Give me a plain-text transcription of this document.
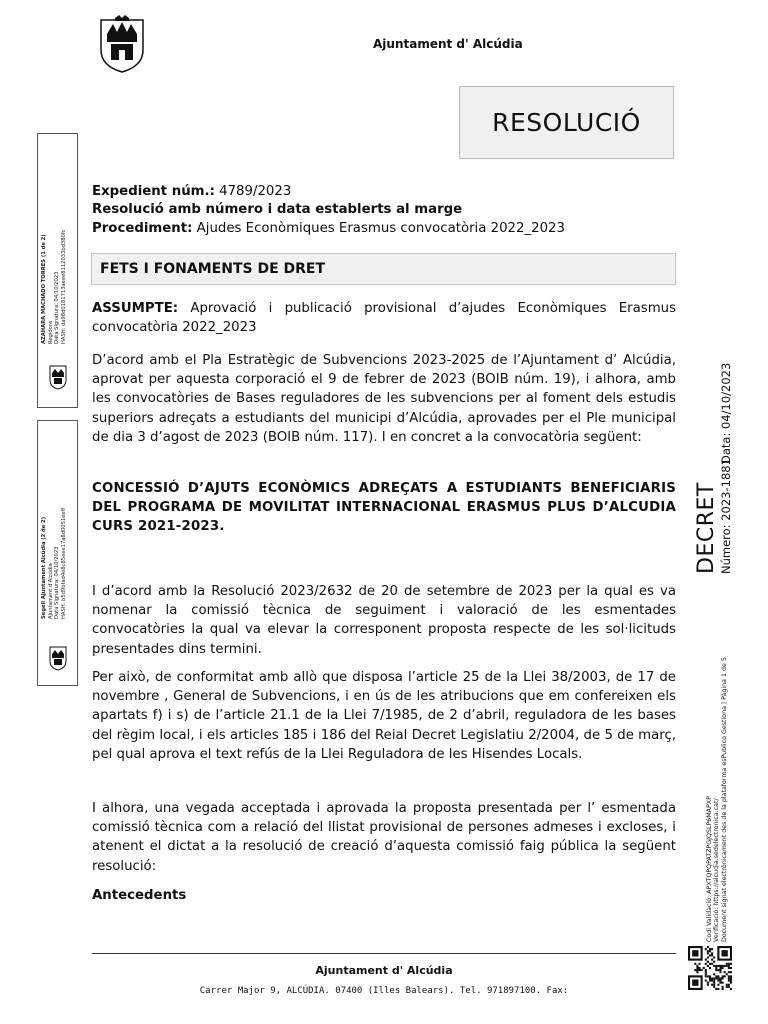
Ajuntament d' Alcúdia
RESOLUCIÓ
Expedient núm.: 4789/2023
Resolució amb número i data establerts al marge
Procediment: Ajudes Econòmiques Erasmus convocatòria 2022_2023
FETS I FONAMENTS DE DRET
ASSUMPTE: Aprovació i publicació provisional d’ajudes Econòmiques Erasmus convocatòria 2022_2023
D’acord amb el Pla Estratègic de Subvencions 2023-2025 de l’Ajuntament d’ Alcúdia, aprovat per aquesta corporació el 9 de febrer de 2023 (BOIB núm. 19), i alhora, amb les convocatòries de Bases reguladores de les subvencions per al foment dels estudis superiors adreçats a estudiants del municipi d’Alcúdia, aprovades per el Ple municipal de dia 3 d’agost de 2023 (BOIB núm. 117). I en concret a la convocatòria següent:
CONCESSIÓ D’AJUTS ECONÒMICS ADREÇATS A ESTUDIANTS BENEFICIARIS DEL PROGRAMA DE MOVILITAT INTERNACIONAL ERASMUS PLUS D’ALCUDIA CURS 2021-2023.
I d’acord amb la Resolució 2023/2632 de 20 de setembre de 2023 per la qual es va nomenar la comissió tècnica de seguiment i valoració de les esmentades convocatòries la qual va elevar la corresponent proposta respecte de les sol·licituds presentades dins termini.
Per això, de conformitat amb allò que disposa l’article 25 de la Llei 38/2003, de 17 de novembre , General de Subvencions, i en ús de les atribucions que em confereixen els apartats f) i s) de l’article 21.1 de la Llei 7/1985, de 2 d’abril, reguladora de les bases del règim local, i els articles 185 i 186 del Reial Decret Legislatiu 2/2004, de 5 de març, pel qual aprova el text refús de la Llei Reguladora de les Hisendes Locals.
I alhora, una vegada acceptada i aprovada la proposta presentada per l’ esmentada comissió tècnica com a relació del llistat provisional de persones admeses i excloses, i atenent el dictat a la resolució de creació d’aquesta comissió faig pública la següent resolució:
Antecedents
Ajuntament d' Alcúdia
Carrer Major 9, ALCÚDIA. 07400 (Illes Balears). Tel. 971897100. Fax:
AZAHARA MACHADO TORRES (1 de 2) Regidora Data Signatura: 04/10/2023 HASH: da98d0181713aeee8112033bd380fc
Segell Ajuntament Alcúdia (2 de 2) Ajuntament d'Alcúdia Data Signatura: 04/10/2023 HASH: b5d9bfad4e8c85eee17a8d0051eeff	DECRET Número: 2023-1881
Data: 04/10/2023
Codi Validació: APXTQPQPATZPGJQSLP6MAPXP Verificació: https://alcudia.sedelectronica.cat/ Document signat electrònicament des de la plataforma esPublico Gestiona | Pàgina 1 de 5
